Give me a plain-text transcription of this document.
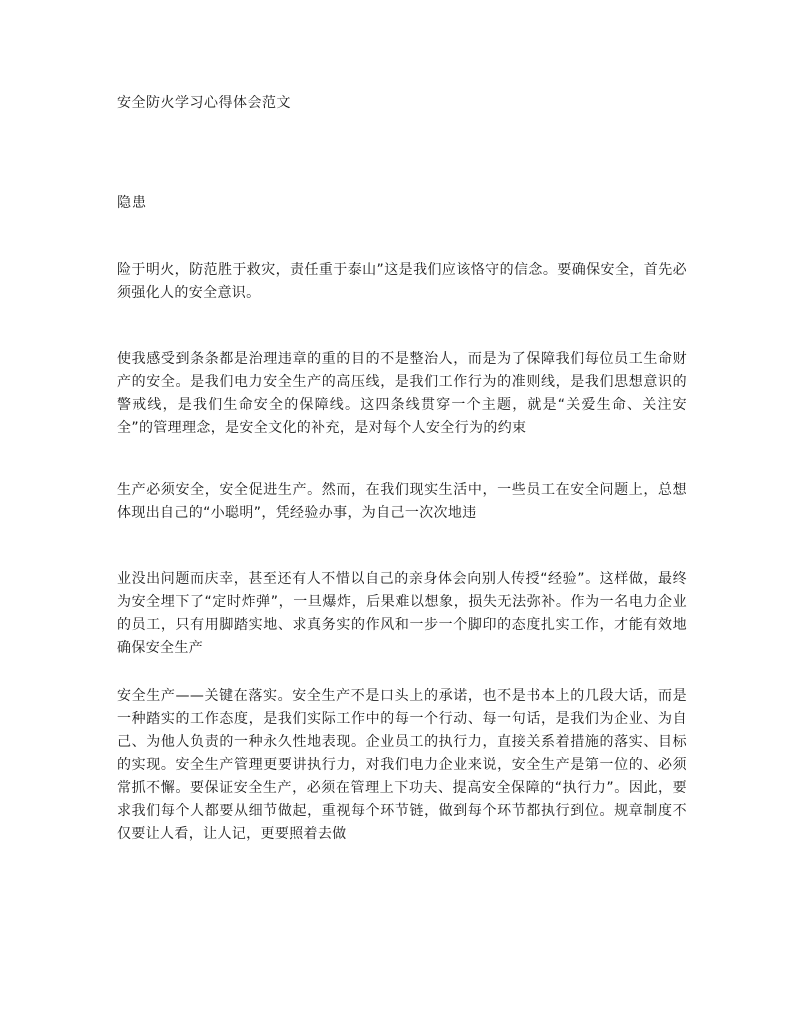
安全防火学习心得体会范文
隐患

险于明火，防范胜于救灾，责任重于泰山”这是我们应该恪守的信念。要确保安全，首先必须强化人的安全意识。

使我感受到条条都是治理违章的重的目的不是整治人，而是为了保障我们每位员工生命财产的安全。是我们电力安全生产的高压线，是我们工作行为的准则线，是我们思想意识的警戒线，是我们生命安全的保障线。这四条线贯穿一个主题，就是“关爱生命、关注安全”的管理理念，是安全文化的补充，是对每个人安全行为的约束

生产必须安全，安全促进生产。然而，在我们现实生活中，一些员工在安全问题上，总想体现出自己的“小聪明”，凭经验办事，为自己一次次地违

业没出问题而庆幸，甚至还有人不惜以自己的亲身体会向别人传授“经验”。这样做，最终为安全埋下了“定时炸弹”，一旦爆炸，后果难以想象，损失无法弥补。作为一名电力企业的员工，只有用脚踏实地、求真务实的作风和一步一个脚印的态度扎实工作，才能有效地确保安全生产

安全生产——关键在落实。安全生产不是口头上的承诺，也不是书本上的几段大话，而是一种踏实的工作态度，是我们实际工作中的每一个行动、每一句话，是我们为企业、为自己、为他人负责的一种永久性地表现。企业员工的执行力，直接关系着措施的落实、目标的实现。安全生产管理更要讲执行力，对我们电力企业来说，安全生产是第一位的、必须常抓不懈。要保证安全生产，必须在管理上下功夫、提高安全保障的“执行力”。因此，要求我们每个人都要从细节做起，重视每个环节链，做到每个环节都执行到位。规章制度不仅要让人看，让人记，更要照着去做
